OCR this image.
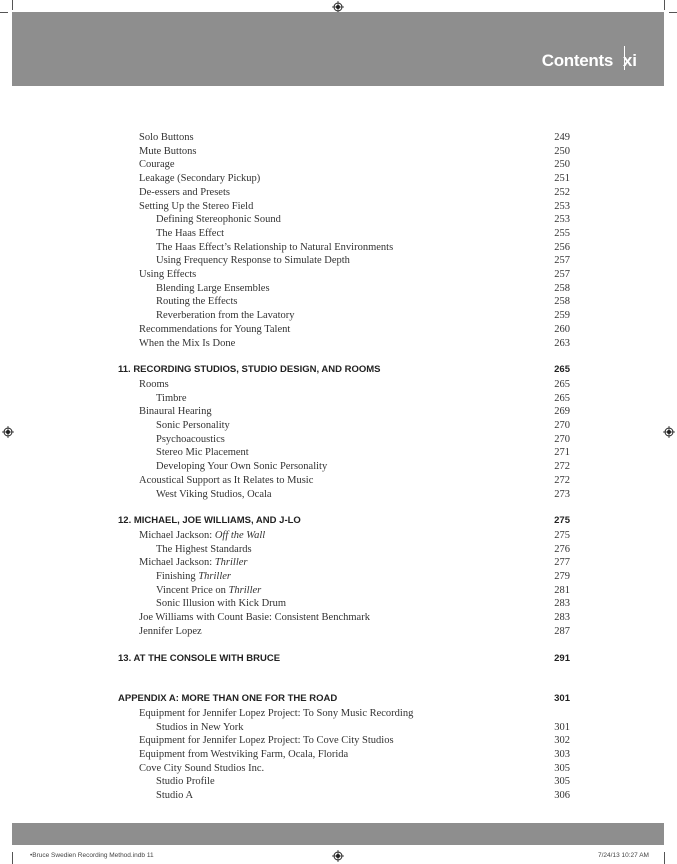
Contents xi
Solo Buttons	249
Mute Buttons	250
Courage	250
Leakage (Secondary Pickup)	251
De-essers and Presets	252
Setting Up the Stereo Field	253
Defining Stereophonic Sound	253
The Haas Effect	255
The Haas Effect’s Relationship to Natural Environments	256
Using Frequency Response to Simulate Depth	257
Using Effects	257
Blending Large Ensembles	258
Routing the Effects	258
Reverberation from the Lavatory	259
Recommendations for Young Talent	260
When the Mix Is Done	263
11. RECORDING STUDIOS, STUDIO DESIGN, AND ROOMS	265
Rooms	265
Timbre	265
Binaural Hearing	269
Sonic Personality	270
Psychoacoustics	270
Stereo Mic Placement	271
Developing Your Own Sonic Personality	272
Acoustical Support as It Relates to Music	272
West Viking Studios, Ocala	273
12. MICHAEL, JOE WILLIAMS, AND J-LO	275
Michael Jackson: Off the Wall	275
The Highest Standards	276
Michael Jackson: Thriller	277
Finishing Thriller	279
Vincent Price on Thriller	281
Sonic Illusion with Kick Drum	283
Joe Williams with Count Basie: Consistent Benchmark	283
Jennifer Lopez	287
13. AT THE CONSOLE WITH BRUCE	291
APPENDIX A: MORE THAN ONE FOR THE ROAD	301
Equipment for Jennifer Lopez Project: To Sony Music Recording
Studios in New York	301
Equipment for Jennifer Lopez Project: To Cove City Studios	302
Equipment from Westviking Farm, Ocala, Florida	303
Cove City Sound Studios Inc.	305
Studio Profile	305
Studio A	306
•Bruce Swedien Recording Method.indb 11	7/24/13 10:27 AM
